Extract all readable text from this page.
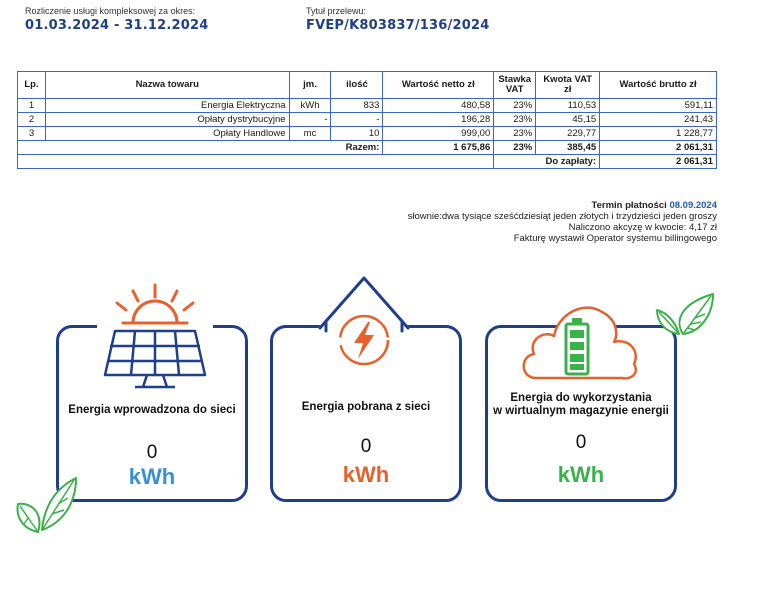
Rozliczenie usługi kompleksowej za okres:
01.03.2024 - 31.12.2024
Tytuł przelewu:
FVEP/K803837/136/2024
Lp.	Nazwa towaru	jm.	ilość	Wartość netto zł	Stawka VAT	Kwota VAT zł	Wartość brutto zł
1	Energia Elektryczna	kWh	833	480,58	23%	110,53	591,11
2	Opłaty dystrybucyjne	-	-	196,28	23%	45,15	241,43
3	Opłaty Handlowe	mc	10	999,00	23%	229,77	1 228,77
Razem:				1 675,86	23%	385,45	2 061,31
					Do zapłaty:		2 061,31
Termin płatności 08.09.2024
słownie:dwa tysiące sześćdziesiąt jeden złotych i trzydzieści jeden groszy
Naliczono akcyzę w kwocie: 4,17 zł
Fakturę wystawił Operator systemu billingowego
Energia wprowadzona do sieci
0
kWh
Energia pobrana z sieci
0
kWh
Energia do wykorzystania
w wirtualnym magazynie energii
0
kWh
